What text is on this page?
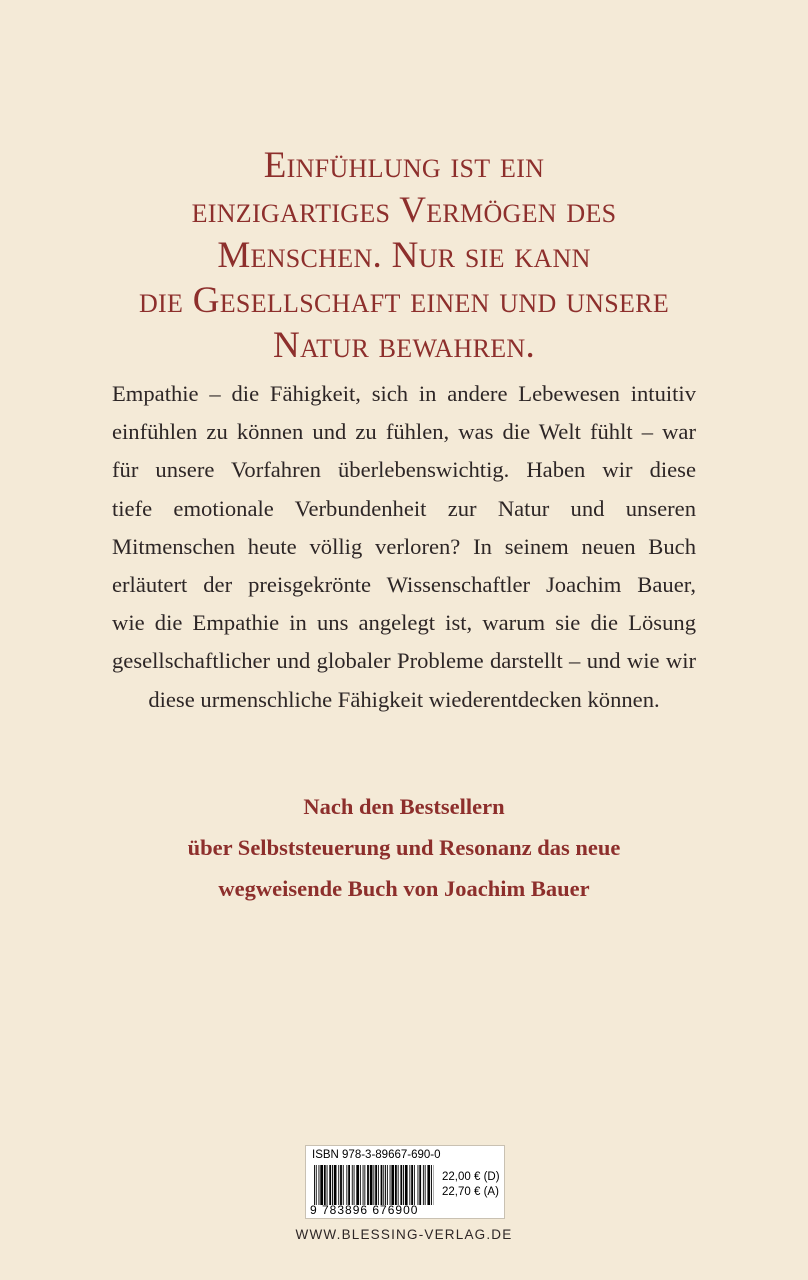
Einfühlung ist ein
einzigartiges Vermögen des
Menschen. Nur sie kann
die Gesellschaft einen und unsere
Natur bewahren.
Empathie – die Fähigkeit, sich in andere Lebewesen intuitiv
einfühlen zu können und zu fühlen, was die Welt fühlt – war
für unsere Vorfahren überlebenswichtig. Haben wir diese
tiefe emotionale Verbundenheit zur Natur und unseren
Mitmenschen heute völlig verloren? In seinem neuen Buch
erläutert der preisgekrönte Wissenschaftler Joachim Bauer,
wie die Empathie in uns angelegt ist, warum sie die Lösung
gesellschaftlicher und globaler Probleme darstellt – und wie wir
diese urmenschliche Fähigkeit wiederentdecken können.
Nach den Bestsellern
über Selbststeuerung und Resonanz das neue
wegweisende Buch von Joachim Bauer
ISBN 978-3-89667-690-0
9 783896 676900
22,00 € (D)
22,70 € (A)
WWW.BLESSING-VERLAG.DE
